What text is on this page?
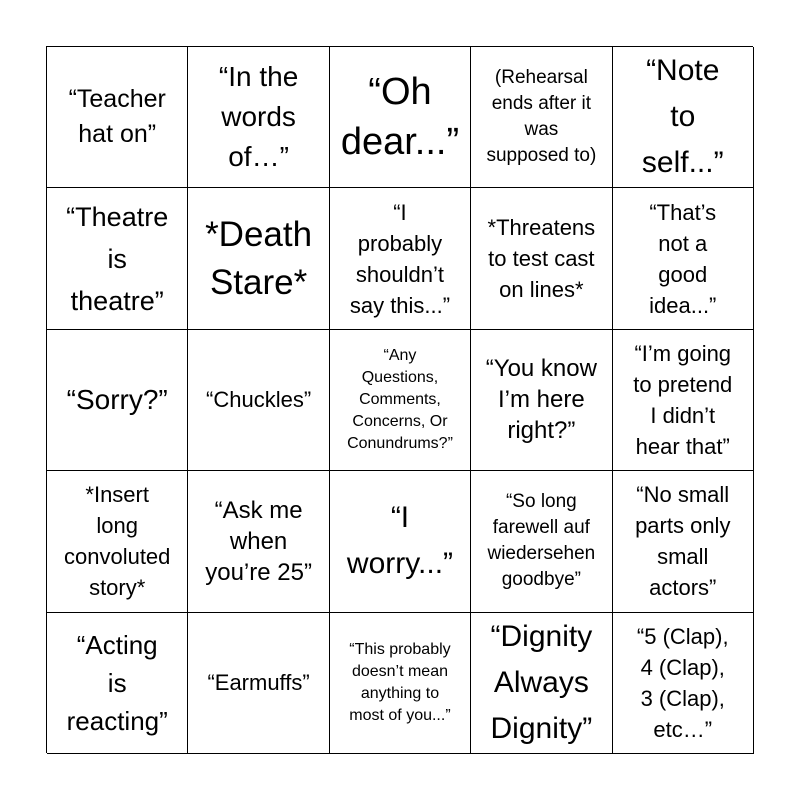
“Teacher
hat on”
“In the
words
of…”
“Oh
dear...”
(Rehearsal
ends after it
was
supposed to)
“Note
to
self...”
“Theatre
is
theatre”
*Death
Stare*
“I
probably
shouldn’t
say this...”
*Threatens
to test cast
on lines*
“That’s
not a
good
idea...”
“Sorry?” “Chuckles”
“Any
Questions,
Comments,
Concerns, Or
Conundrums?”
“You know
I’m here
right?”
“I’m going
to pretend
I didn’t
hear that”
*Insert
long
convoluted
story*
“Ask me
when
you’re 25”
“I
worry...”
“So long
farewell auf
wiedersehen
goodbye”
“No small
parts only
small
actors”
“Acting
is
reacting”
“Earmuffs”
“This probably
doesn’t mean
anything to
most of you...”
“Dignity
Always
Dignity”
“5 (Clap),
4 (Clap),
3 (Clap),
etc…”
